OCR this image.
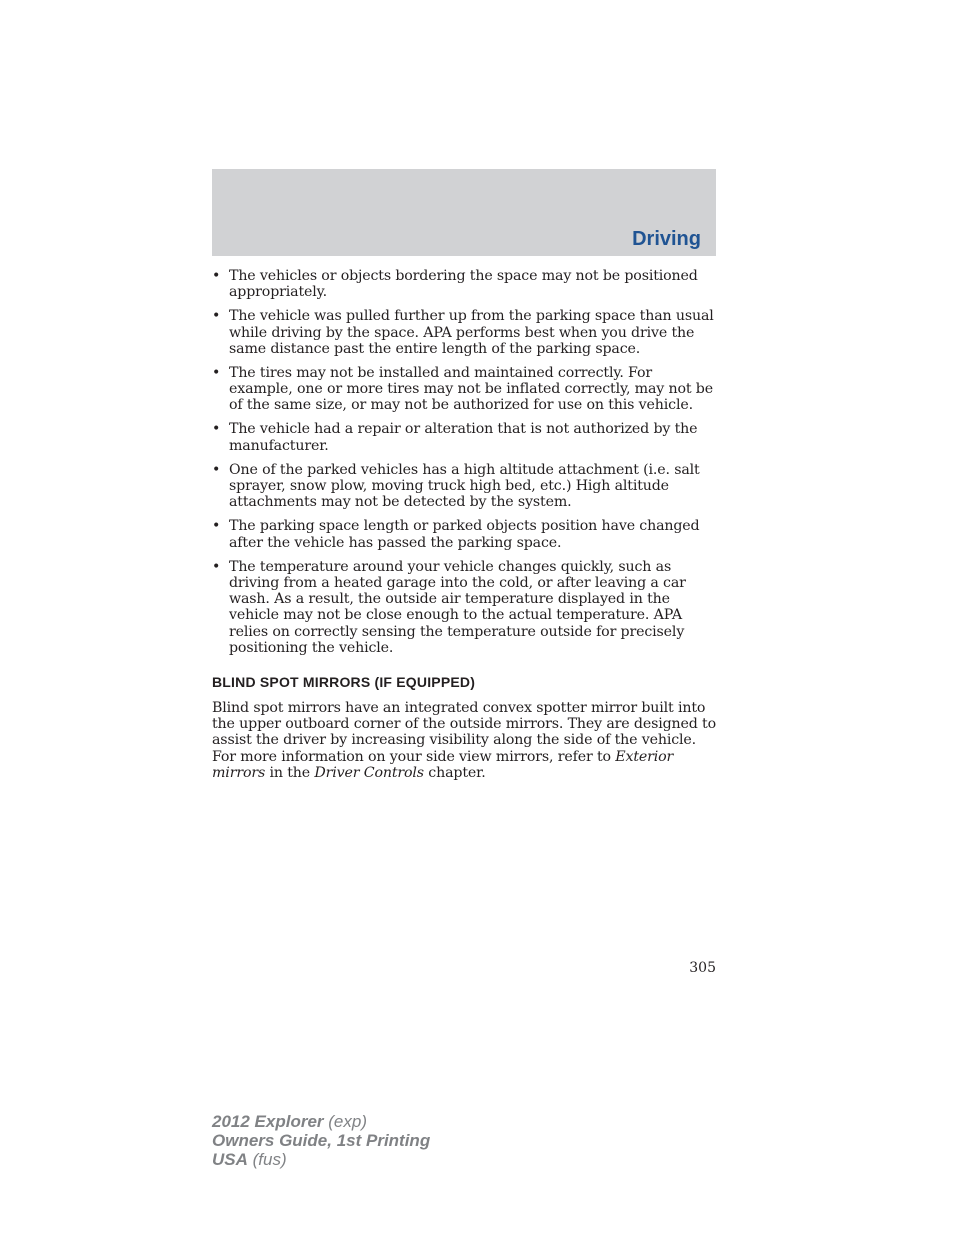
Driving
• The vehicles or objects bordering the space may not be positioned appropriately.
• The vehicle was pulled further up from the parking space than usual while driving by the space. APA performs best when you drive the same distance past the entire length of the parking space.
• The tires may not be installed and maintained correctly. For example, one or more tires may not be inflated correctly, may not be of the same size, or may not be authorized for use on this vehicle.
• The vehicle had a repair or alteration that is not authorized by the manufacturer.
• One of the parked vehicles has a high altitude attachment (i.e. salt sprayer, snow plow, moving truck high bed, etc.) High altitude attachments may not be detected by the system.
• The parking space length or parked objects position have changed after the vehicle has passed the parking space.
• The temperature around your vehicle changes quickly, such as driving from a heated garage into the cold, or after leaving a car wash. As a result, the outside air temperature displayed in the vehicle may not be close enough to the actual temperature. APA relies on correctly sensing the temperature outside for precisely positioning the vehicle.
BLIND SPOT MIRRORS (IF EQUIPPED)

Blind spot mirrors have an integrated convex spotter mirror built into the upper outboard corner of the outside mirrors. They are designed to assist the driver by increasing visibility along the side of the vehicle. For more information on your side view mirrors, refer to Exterior mirrors in the Driver Controls chapter.

305
2012 Explorer (exp)
Owners Guide, 1st Printing
USA (fus)
